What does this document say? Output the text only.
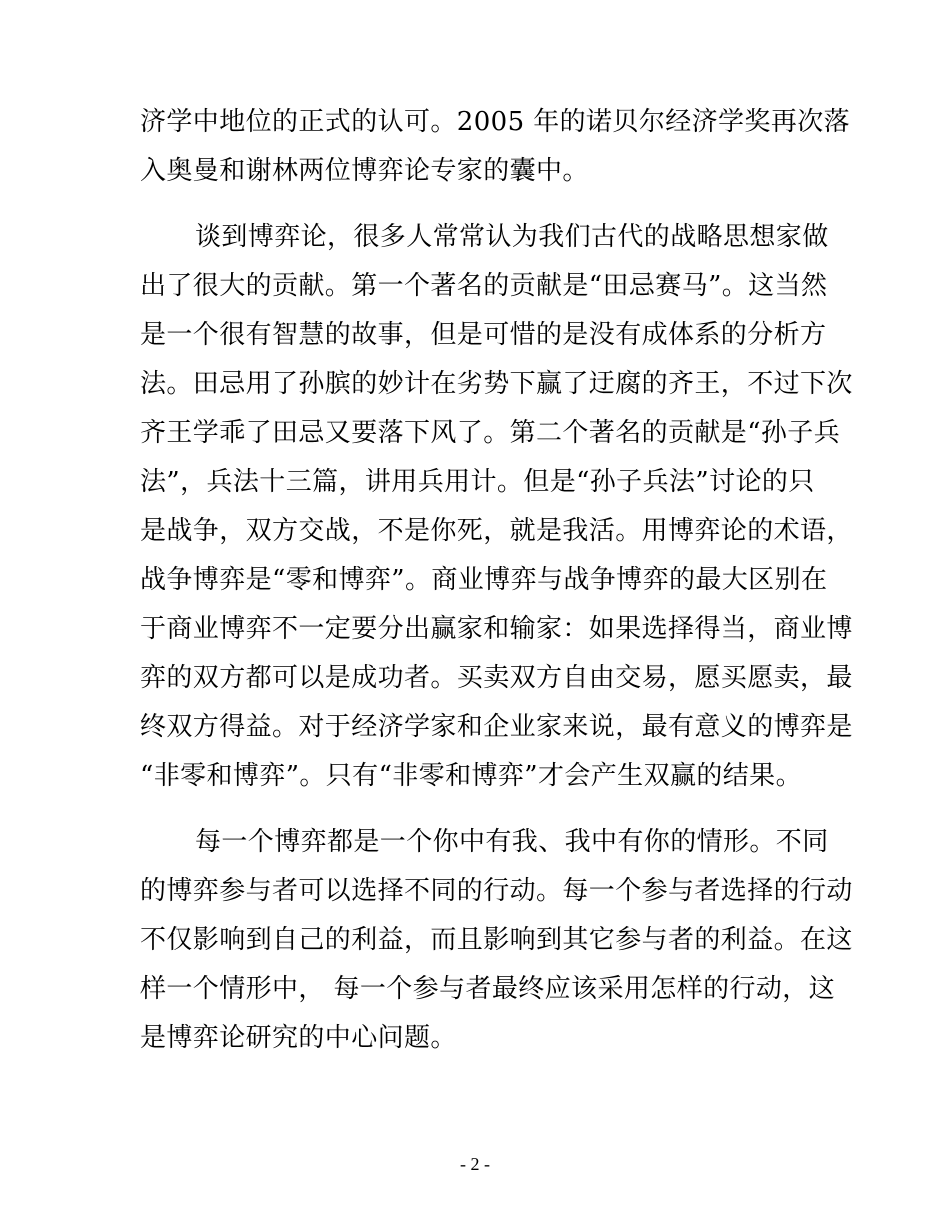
济学中地位的正式的认可。2005 年的诺贝尔经济学奖再次落
入奥曼和谢林两位博弈论专家的囊中。
谈到博弈论，很多人常常认为我们古代的战略思想家做
出了很大的贡献。第一个著名的贡献是“田忌赛马”。这当然
是一个很有智慧的故事，但是可惜的是没有成体系的分析方
法。田忌用了孙膑的妙计在劣势下赢了迂腐的齐王，不过下次
齐王学乖了田忌又要落下风了。第二个著名的贡献是“孙子兵
法”，兵法十三篇，讲用兵用计。但是“孙子兵法”讨论的只
是战争，双方交战，不是你死，就是我活。用博弈论的术语，
战争博弈是“零和博弈”。商业博弈与战争博弈的最大区别在
于商业博弈不一定要分出赢家和输家：如果选择得当，商业博
弈的双方都可以是成功者。买卖双方自由交易，愿买愿卖，最
终双方得益。对于经济学家和企业家来说，最有意义的博弈是
“非零和博弈”。只有“非零和博弈”才会产生双赢的结果。
每一个博弈都是一个你中有我、我中有你的情形。不同
的博弈参与者可以选择不同的行动。每一个参与者选择的行动
不仅影响到自己的利益，而且影响到其它参与者的利益。在这
样一个情形中， 每一个参与者最终应该采用怎样的行动，这
是博弈论研究的中心问题。
- 2 -
